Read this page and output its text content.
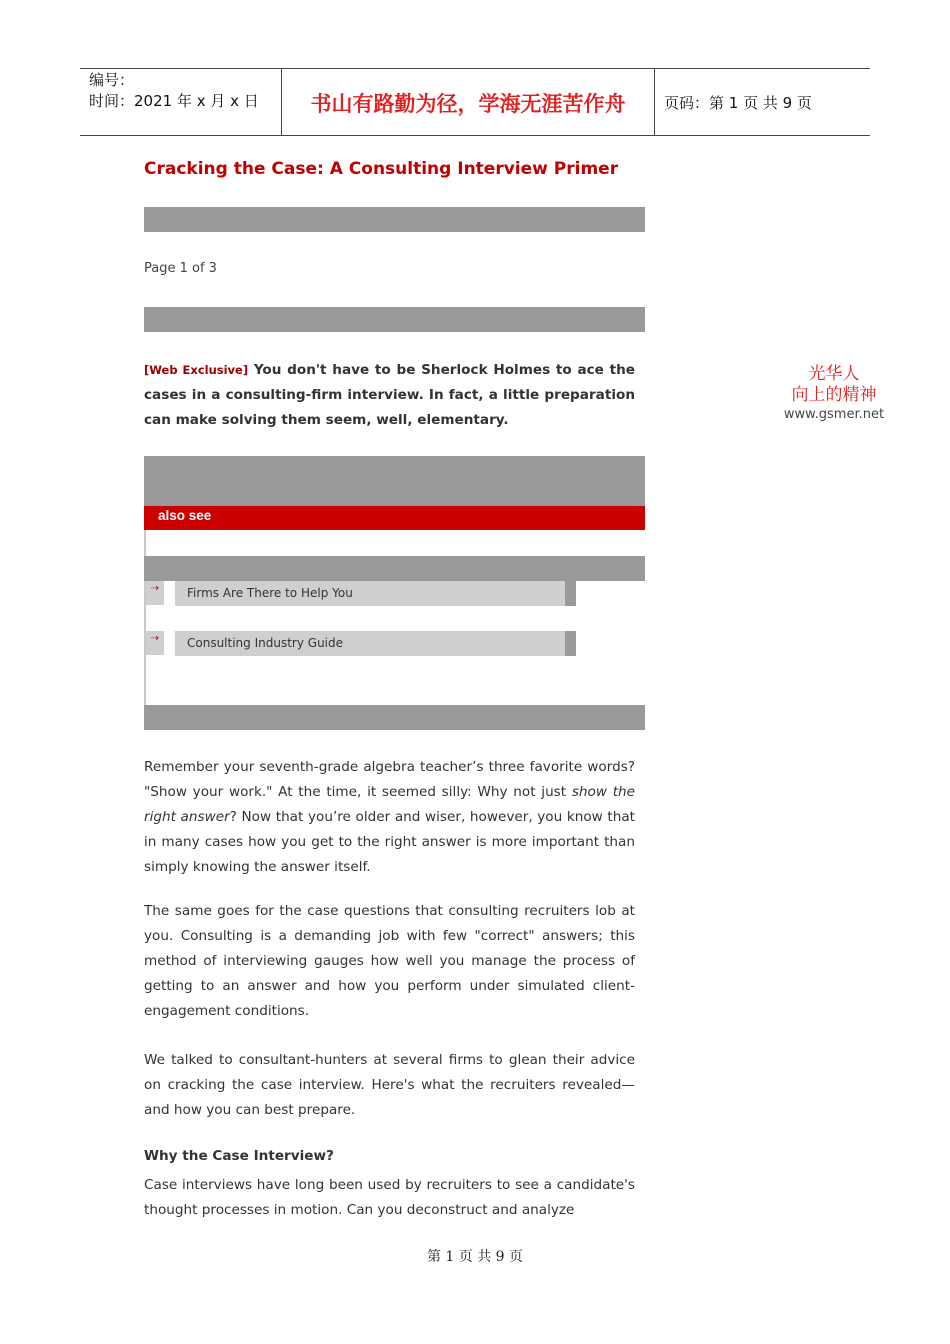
编号：
时间：2021 年 x 月 x 日	书山有路勤为径，学海无涯苦作舟	页码：第 1 页 共 9 页
Cracking the Case: A Consulting Interview Primer
Page 1 of 3
[Web Exclusive] You don't have to be Sherlock Holmes to ace the cases in a consulting-firm interview. In fact, a little preparation can make solving them seem, well, elementary.
光华人
向上的精神
www.gsmer.net
also see
⇢	Firms Are There to Help You
⇢	Consulting Industry Guide
Remember your seventh-grade algebra teacher’s three favorite words? "Show your work." At the time, it seemed silly: Why not just show the right answer? Now that you’re older and wiser, however, you know that in many cases how you get to the right answer is more important than simply knowing the answer itself.
The same goes for the case questions that consulting recruiters lob at you. Consulting is a demanding job with few "correct" answers; this method of interviewing gauges how well you manage the process of getting to an answer and how you perform under simulated client-engagement conditions.
We talked to consultant-hunters at several firms to glean their advice on cracking the case interview. Here's what the recruiters revealed—and how you can best prepare.
Why the Case Interview?
Case interviews have long been used by recruiters to see a candidate's thought processes in motion. Can you deconstruct and analyze
第 1 页 共 9 页
